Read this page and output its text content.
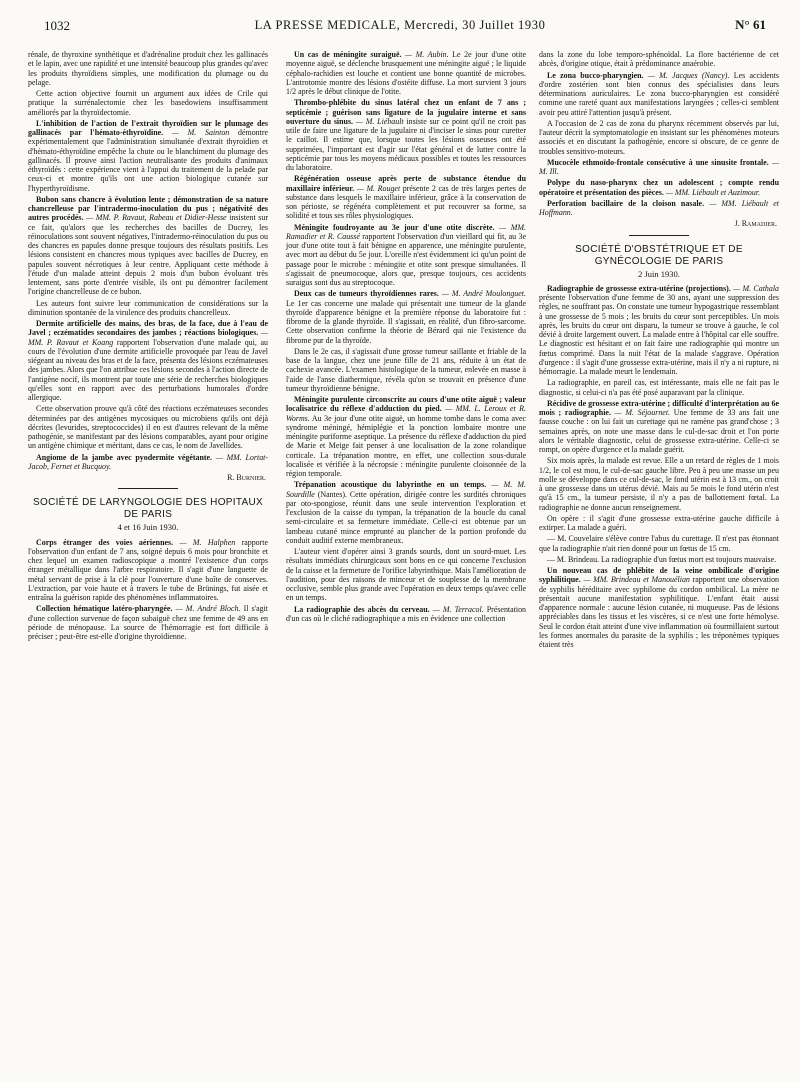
1032	LA PRESSE MEDICALE, Mercredi, 30 Juillet 1930	N° 61

rénale, de thyroxine synthétique et d'adrénaline produit chez les gallinacés et le lapin, avec une rapidité et une intensité beaucoup plus grandes qu'avec les produits thyroïdiens simples, une modification du plumage ou du pelage.

Cette action objective fournit un argument aux idées de Crile qui pratique la surrénalectomie chez les basedowiens insuffisamment améliorés par la thyroïdectomie.

L'inhibition de l'action de l'extrait thyroïdien sur le plumage des gallinacés par l'hémato-éthyroïdine. — M. Sainton démontre expérimentalement que l'administration simultanée d'extrait thyroïdien et d'hémato-éthyroïdine empêche la chute ou le blanchiment du plumage des gallinacés. Il prouve ainsi l'action neutralisante des produits d'animaux éthyroïdés : cette expérience vient à l'appui du traitement de la pelade par ceux-ci et montre qu'ils ont une action biologique cutanée sur l'hyperthyroïdisme.

Bubon sans chancre à évolution lente ; démonstration de sa nature chancrelleuse par l'intradermo-inoculation du pus ; négativité des autres procédés. — MM. P. Ravaut, Rabeau et Didier-Hesse insistent sur ce fait, qu'alors que les recherches des bacilles de Ducrey, les réinoculations sont souvent négatives, l'intradermo-réinoculation du pus ou des chancres en papules donne presque toujours des résultats positifs. Les lésions consistent en chancres mous typiques avec bacilles de Ducrey, en papules souvent nécrotiques à leur centre. Appliquant cette méthode à l'étude d'un malade atteint depuis 2 mois d'un bubon évoluant très lentement, sans porte d'entrée visible, ils ont pu démontrer facilement l'origine chancrelleuse de ce bubon.

Les auteurs font suivre leur communication de considérations sur la diminution spontanée de la virulence des produits chancrelleux.

Dermite artificielle des mains, des bras, de la face, due à l'eau de Javel ; eczématides secondaires des jambes ; réactions biologiques. — MM. P. Ravaut et Koang rapportent l'observation d'une malade qui, au cours de l'évolution d'une dermite artificielle provoquée par l'eau de Javel siégeant au niveau des bras et de la face, présenta des lésions eczémateuses des jambes. Alors que l'on attribue ces lésions secondes à l'action directe de l'antigène nocif, ils montrent par toute une série de recherches biologiques qu'elles sont en rapport avec des perturbations humorales d'ordre allergique.

Cette observation prouve qu'à côté des réactions eczémateuses secondes déterminées par des antigènes mycosiques ou microbiens qu'ils ont déjà décrites (levurides, streptococcides) il en est d'autres relevant de la même pathogénie, se manifestant par des lésions comparables, ayant pour origine un antigène chimique et méritant, dans ce cas, le nom de Javellides.

Angiome de la jambe avec pyodermite végétante. — MM. Lortat-Jacob, Fernet et Bucquoy.

R. Burnier.
SOCIÉTÉ DE LARYNGOLOGIE DES HOPITAUX DE PARIS
4 et 16 Juin 1930.

Corps étranger des voies aériennes. — M. Halphen rapporte l'observation d'un enfant de 7 ans, soigné depuis 6 mois pour bronchite et chez lequel un examen radioscopique a montré l'existence d'un corps étranger métallique dans l'arbre respiratoire. Il s'agit d'une languette de métal servant de prise à la clé pour l'ouverture d'une boîte de conserves. L'extraction, par voie haute et à travers le tube de Brünings, fut aisée et entraîna la guérison rapide des phénomènes inflammatoires.

Collection hématique latéro-pharyngée. — M. André Bloch. Il s'agit d'une collection survenue de façon subaiguë chez une femme de 49 ans en période de ménopause. La source de l'hémorragie est fort difficile à préciser ; peut-être est-elle d'origine thyroïdienne.

Un cas de méningite suraiguë. — M. Aubin. Le 2e jour d'une otite moyenne aiguë, se déclenche brusquement une méningite aiguë ; le liquide céphalo-rachidien est louche et contient une bonne quantité de microbes. L'antrotomie montre des lésions d'ostéite diffuse. La mort survient 3 jours 1/2 après le début clinique de l'otite.

Thrombo-phlébite du sinus latéral chez un enfant de 7 ans ; septicémie ; guérison sans ligature de la jugulaire interne et sans ouverture du sinus. — M. Liébault insiste sur ce point qu'il ne croit pas utile de faire une ligature de la jugulaire ni d'inciser le sinus pour curetter le caillot. Il estime que, lorsque toutes les lésions osseuses ont été supprimées, l'important est d'agir sur l'état général et de lutter contre la septicémie par tous les moyens médicaux possibles et toutes les ressources du laboratoire.

Régénération osseuse après perte de substance étendue du maxillaire inférieur. — M. Rouget présente 2 cas de très larges pertes de substance dans lesquels le maxillaire inférieur, grâce à la conservation de son périoste, se régénéra complètement et put recouvrer sa forme, sa solidité et tous ses rôles physiologiques.

Méningite foudroyante au 3e jour d'une otite discrète. — MM. Ramadier et R. Caussé rapportent l'observation d'un vieillard qui fit, au 3e jour d'une otite tout à fait bénigne en apparence, une méningite purulente, avec mort au début du 5e jour. L'oreille n'est évidemment ici qu'un point de passage pour le microbe : méningite et otite sont presque simultanées. Il s'agissait de pneumocoque, alors que, presque toujours, ces accidents suraigus sont dus au streptocoque.

Deux cas de tumeurs thyroïdiennes rares. — M. André Moulonguet. Le 1er cas concerne une malade qui présentait une tumeur de la glande thyroïde d'apparence bénigne et la première réponse du laboratoire fut : fibrome de la glande thyroïde. Il s'agissait, en réalité, d'un fibro-sarcome. Cette observation confirme la théorie de Bérard qui nie l'existence du fibrome pur de la thyroïde.

Dans le 2e cas, il s'agissait d'une grosse tumeur saillante et friable de la base de la langue, chez une jeune fille de 21 ans, réduite à un état de cachexie avancée. L'examen histologique de la tumeur, enlevée en masse à l'aide de l'anse diathermique, révéla qu'on se trouvait en présence d'une tumeur thyroïdienne bénigne.

Méningite purulente circonscrite au cours d'une otite aiguë ; valeur localisatrice du réflexe d'adduction du pied. — MM. L. Leroux et R. Worms. Au 3e jour d'une otite aiguë, un homme tombe dans le coma avec syndrome méningé, hémiplégie et la ponction lombaire montre une méningite puriforme aseptique. La présence du réflexe d'adduction du pied de Marie et Meige fait penser à une localisation de la zone rolandique corticale. La trépanation montre, en effet, une collection sous-durale localisée et vérifiée à la nécropsie : méningite purulente cloisonnée de la région temporale.

Trépanation acoustique du labyrinthe en un temps. — M. M. Sourdille (Nantes). Cette opération, dirigée contre les surdités chroniques par oto-spongiose, réunit dans une seule intervention l'exploration et l'exclusion de la caisse du tympan, la trépanation de la boucle du canal semi-circulaire et sa fermeture immédiate. Celle-ci est obtenue par un lambeau cutané mince emprunté au plancher de la portion profonde du conduit auditif externe membraneux.

L'auteur vient d'opérer ainsi 3 grands sourds, dont un sourd-muet. Les résultats immédiats chirurgicaux sont bons en ce qui concerne l'exclusion de la caisse et la fermeture de l'orifice labyrinthique. Mais l'amélioration de l'audition, pour des raisons de minceur et de souplesse de la membrane occlusive, semble plus grande avec l'opération en deux temps qu'avec celle en un temps.

La radiographie des abcès du cerveau. — M. Terracol. Présentation d'un cas où le cliché radiographique a mis en évidence une collection

dans la zone du lobe temporo-sphénoïdal. La flore bactérienne de cet abcès, d'origine otique, était à prédominance anaérobie.

Le zona bucco-pharyngien. — M. Jacques (Nancy). Les accidents d'ordre zostérien sont bien connus des spécialistes dans leurs déterminations auriculaires. Le zona bucco-pharyngien est considéré comme une rareté quant aux manifestations laryngées ; celles-ci semblent avoir peu attiré l'attention jusqu'à présent.

A l'occasion de 2 cas de zona du pharynx récemment observés par lui, l'auteur décrit la symptomatologie en insistant sur les phénomènes moteurs associés et en discutant la pathogénie, encore si obscure, de ce genre de troubles sensitivo-moteurs.

Mucocèle ethmoïdo-frontale consécutive à une sinusite frontale. — M. Ill.

Polype du naso-pharynx chez un adolescent ; compte rendu opératoire et présentation des pièces. — MM. Liébault et Auzimour.

Perforation bacillaire de la cloison nasale. — MM. Liébault et Hoffmann.

J. Ramadier.
SOCIÉTÉ D'OBSTÉTRIQUE ET DE GYNÉCOLOGIE DE PARIS
2 Juin 1930.

Radiographie de grossesse extra-utérine (projections). — M. Cathala présente l'observation d'une femme de 30 ans, ayant une suppression des règles, ne souffrant pas. On constate une tumeur hypogastrique ressemblant à une grossesse de 5 mois ; les bruits du cœur sont perceptibles. Un mois après, les bruits du cœur ont disparu, la tumeur se trouve à gauche, le col dévié à droite largement ouvert. La malade entre à l'hôpital car elle souffre. Le diagnostic est hésitant et on fait faire une radiographie qui montre un fœtus comprimé. Dans la nuit l'état de la malade s'aggrave. Opération d'urgence : il s'agit d'une grossesse extra-utérine, mais il n'y a ni rupture, ni hémorragie. La malade meurt le lendemain.

La radiographie, en pareil cas, est intéressante, mais elle ne fait pas le diagnostic, si celui-ci n'a pas été posé auparavant par la clinique.

Récidive de grossesse extra-utérine ; difficulté d'interprétation au 6e mois ; radiographie. — M. Séjournet. Une femme de 33 ans fait une fausse couche : on lui fait un curettage qui ne ramène pas grand'chose ; 3 semaines après, on note une masse dans le cul-de-sac droit et l'on porte alors le véritable diagnostic, celui de grossesse extra-utérine. Celle-ci se rompt, on opère d'urgence et la malade guérit.

Six mois après, la malade est revue. Elle a un retard de règles de 1 mois 1/2, le col est mou, le cul-de-sac gauche libre. Peu à peu une masse un peu molle se développe dans ce cul-de-sac, le fond utérin est à 13 cm., on croit à une grossesse dans un utérus dévié. Mais au 5e mois le fond utérin n'est qu'à 15 cm., la tumeur persiste, il n'y a pas de ballottement fœtal. La radiographie ne donne aucun renseignement.

On opère : il s'agit d'une grossesse extra-utérine gauche difficile à extirper. La malade a guéri.

— M. Couvelaire s'élève contre l'abus du curettage. Il n'est pas étonnant que la radiographie n'ait rien donné pour un fœtus de 15 cm.

— M. Brindeau. La radiographie d'un fœtus mort est toujours mauvaise.

Un nouveau cas de phlébite de la veine ombilicale d'origine syphilitique. — MM. Brindeau et Manouélian rapportent une observation de syphilis héréditaire avec syphilome du cordon ombilical. La mère ne présentait aucune manifestation syphilitique. L'enfant était aussi d'apparence normale : aucune lésion cutanée, ni muqueuse. Pas de lésions appréciables dans les tissus et les viscères, si ce n'est une forte hémolyse. Seul le cordon était atteint d'une vive inflammation où fourmillaient surtout les formes anormales du parasite de la syphilis ; les tréponèmes typiques étaient très
